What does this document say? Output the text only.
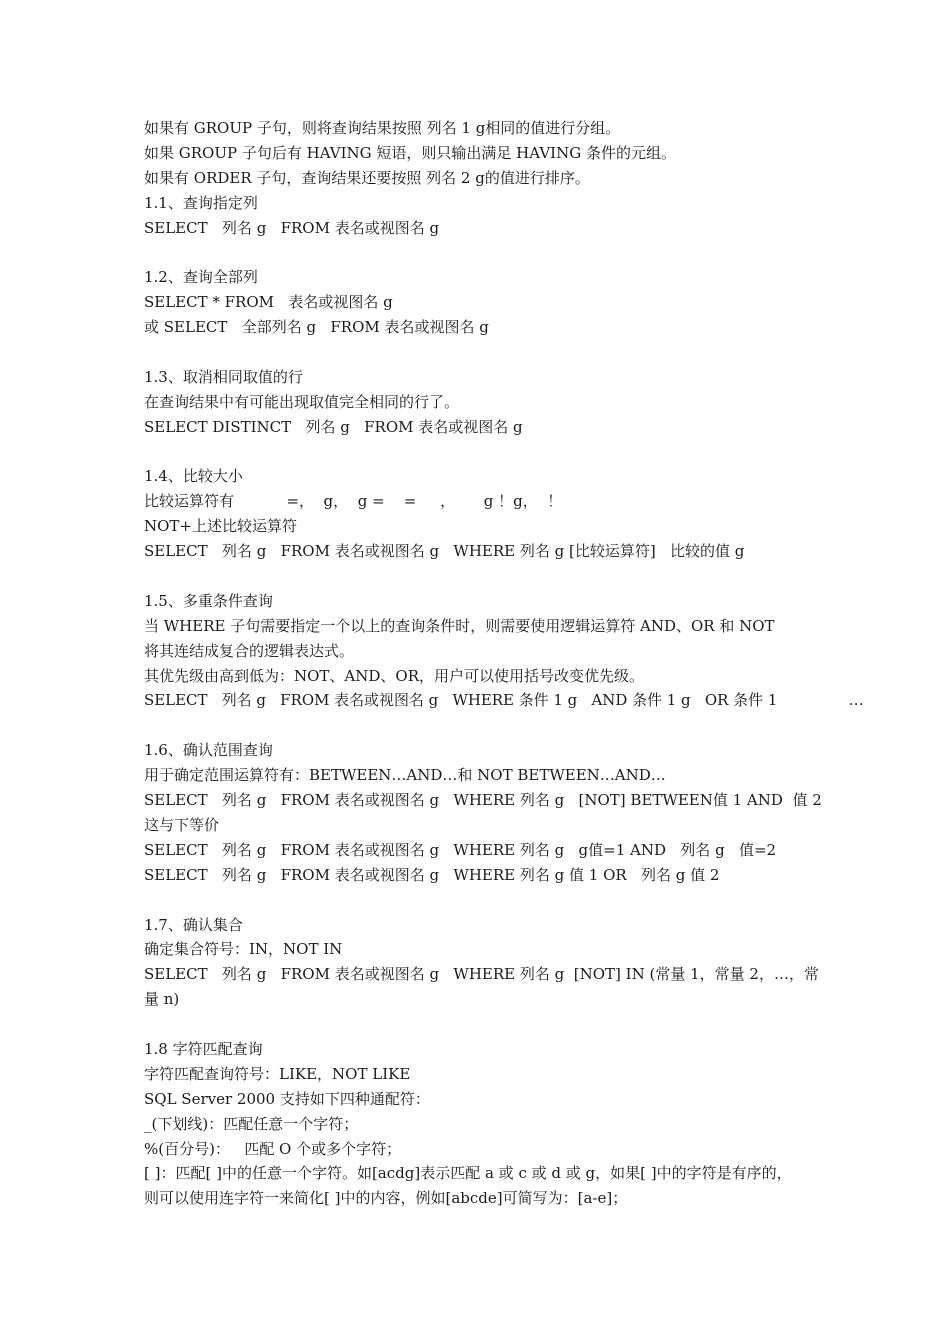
如果有 GROUP 子句，则将查询结果按照 列名 1 g相同的值进行分组。
如果 GROUP 子句后有 HAVING 短语，则只输出满足 HAVING 条件的元组。
如果有 ORDER 子句，查询结果还要按照 列名 2 g的值进行排序。
1.1、查询指定列
SELECT   列名 g   FROM 表名或视图名 g
1.2、查询全部列
SELECT * FROM   表名或视图名 g
或 SELECT   全部列名 g   FROM 表名或视图名 g
1.3、取消相同取值的行
在查询结果中有可能出现取值完全相同的行了。
SELECT DISTINCT   列名 g   FROM 表名或视图名 g
1.4、比较大小
比较运算符有           =，  g，  g =    =     ，      g ！g，  ！
NOT+上述比较运算符
SELECT   列名 g   FROM 表名或视图名 g   WHERE 列名 g [比较运算符]   比较的值 g
1.5、多重条件查询
当 WHERE 子句需要指定一个以上的查询条件时，则需要使用逻辑运算符 AND、OR 和 NOT
将其连结成复合的逻辑表达式。
其优先级由高到低为：NOT、AND、OR，用户可以使用括号改变优先级。
SELECT   列名 g   FROM 表名或视图名 g   WHERE 条件 1 g   AND 条件 1 g   OR 条件 1               …
1.6、确认范围查询
用于确定范围运算符有：BETWEEN…AND…和 NOT BETWEEN…AND…
SELECT   列名 g   FROM 表名或视图名 g   WHERE 列名 g   [NOT] BETWEEN值 1 AND  值 2
这与下等价
SELECT   列名 g   FROM 表名或视图名 g   WHERE 列名 g   g值=1 AND   列名 g   值=2
SELECT   列名 g   FROM 表名或视图名 g   WHERE 列名 g 值 1 OR   列名 g 值 2
1.7、确认集合
确定集合符号：IN，NOT IN
SELECT   列名 g   FROM 表名或视图名 g   WHERE 列名 g  [NOT] IN (常量 1，常量 2，…，常
量 n)
1.8 字符匹配查询
字符匹配查询符号：LIKE，NOT LIKE
SQL Server 2000 支持如下四种通配符：
_(下划线)：匹配任意一个字符；
%(百分号)：   匹配 O 个或多个字符；
[ ]：匹配[ ]中的任意一个字符。如[acdg]表示匹配 a 或 c 或 d 或 g，如果[ ]中的字符是有序的，
则可以使用连字符一来简化[ ]中的内容，例如[abcde]可简写为：[a-e]；
